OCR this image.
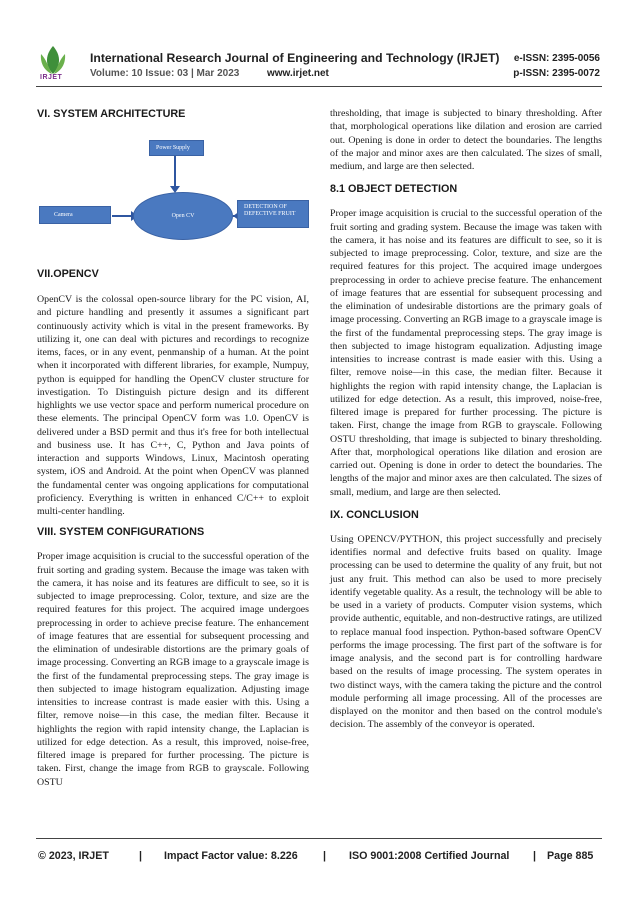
IRJET
International Research Journal of Engineering and Technology (IRJET)
Volume: 10 Issue: 03 | Mar 2023	www.irjet.net
e-ISSN: 2395-0056
p-ISSN: 2395-0072
VI. SYSTEM ARCHITECTURE
Power Supply
Camera	Open CV
DETECTION OF DEFECTIVE FRUIT
VII.OPENCV

OpenCV is the colossal open-source library for the PC vision, AI, and picture handling and presently it assumes a significant part continuously activity which is vital in the present frameworks. By utilizing it, one can deal with pictures and recordings to recognize items, faces, or in any event, penmanship of a human. At the point when it incorporated with different libraries, for example, Numpuy, python is equipped for handling the OpenCV cluster structure for investigation. To Distinguish picture design and its different highlights we use vector space and perform numerical procedure on these elements. The principal OpenCV form was 1.0. OpenCV is delivered under a BSD permit and thus it's free for both intellectual and business use. It has C++, C, Python and Java points of interaction and supports Windows, Linux, Macintosh operating system, iOS and Android. At the point when OpenCV was planned the fundamental center was ongoing applications for computational proficiency. Everything is written in enhanced C/C++ to exploit multi-center handling.

VIII. SYSTEM CONFIGURATIONS

Proper image acquisition is crucial to the successful operation of the fruit sorting and grading system. Because the image was taken with the camera, it has noise and its features are difficult to see, so it is subjected to image preprocessing. Color, texture, and size are the required features for this project. The acquired image undergoes preprocessing in order to achieve precise feature. The enhancement of image features that are essential for subsequent processing and the elimination of undesirable distortions are the primary goals of image processing. Converting an RGB image to a grayscale image is the first of the fundamental preprocessing steps. The gray image is then subjected to image histogram equalization. Adjusting image intensities to increase contrast is made easier with this. Using a filter, remove noise—in this case, the median filter. Because it highlights the region with rapid intensity change, the Laplacian is utilized for edge detection. As a result, this improved, noise-free, filtered image is prepared for further processing. The picture is taken. First, change the image from RGB to grayscale. Following OSTU

thresholding, that image is subjected to binary thresholding. After that, morphological operations like dilation and erosion are carried out. Opening is done in order to detect the boundaries. The lengths of the major and minor axes are then calculated. The sizes of small, medium, and large are then selected.

8.1 OBJECT DETECTION

Proper image acquisition is crucial to the successful operation of the fruit sorting and grading system. Because the image was taken with the camera, it has noise and its features are difficult to see, so it is subjected to image preprocessing. Color, texture, and size are the required features for this project. The acquired image undergoes preprocessing in order to achieve precise feature. The enhancement of image features that are essential for subsequent processing and the elimination of undesirable distortions are the primary goals of image processing. Converting an RGB image to a grayscale image is the first of the fundamental preprocessing steps. The gray image is then subjected to image histogram equalization. Adjusting image intensities to increase contrast is made easier with this. Using a filter, remove noise—in this case, the median filter. Because it highlights the region with rapid intensity change, the Laplacian is utilized for edge detection. As a result, this improved, noise-free, filtered image is prepared for further processing. The picture is taken. First, change the image from RGB to grayscale. Following OSTU thresholding, that image is subjected to binary thresholding. After that, morphological operations like dilation and erosion are carried out. Opening is done in order to detect the boundaries. The lengths of the major and minor axes are then calculated. The sizes of small, medium, and large are then selected.

IX. CONCLUSION

Using OPENCV/PYTHON, this project successfully and precisely identifies normal and defective fruits based on quality. Image processing can be used to determine the quality of any fruit, but not just any fruit. This method can also be used to more precisely identify vegetable quality. As a result, the technology will be able to be used in a variety of products. Computer vision systems, which provide authentic, equitable, and non-destructive ratings, are utilized to replace manual food inspection. Python-based software OpenCV performs the image processing. The first part of the software is for image analysis, and the second part is for controlling hardware based on the results of image processing. The system operates in two distinct ways, with the camera taking the picture and the control module performing all image processing. All of the processes are displayed on the monitor and then based on the control module's decision. The assembly of the conveyor is operated.

© 2023, IRJET	| Impact Factor value: 8.226 | ISO 9001:2008 Certified Journal | Page 885
